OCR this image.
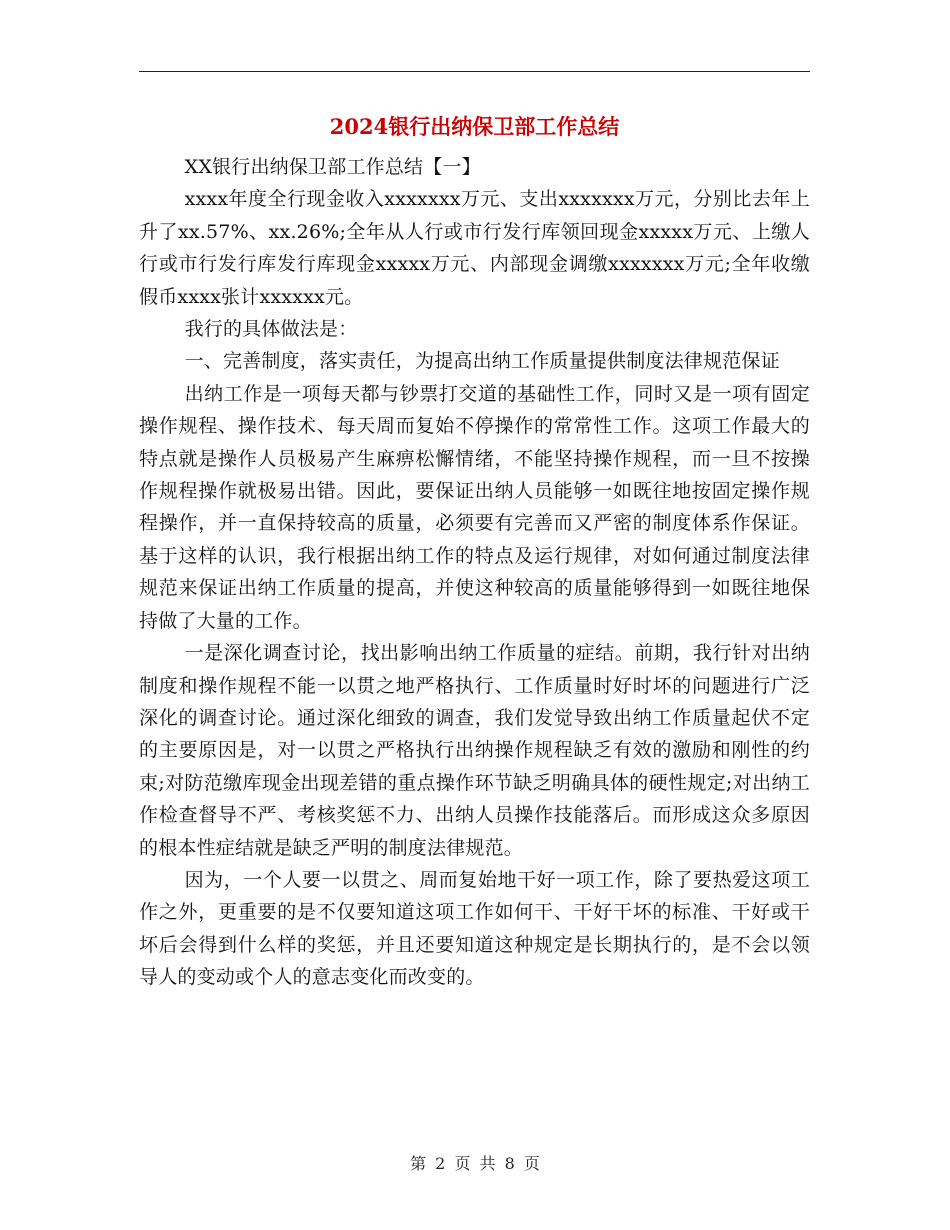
2024银行出纳保卫部工作总结

XX银行出纳保卫部工作总结【一】

xxxx年度全行现金收入xxxxxxx万元、支出xxxxxxx万元，分别比去年上升了xx.57%、xx.26%;全年从人行或市行发行库领回现金xxxxx万元、上缴人行或市行发行库发行库现金xxxxx万元、内部现金调缴xxxxxxx万元;全年收缴假币xxxx张计xxxxxx元。

我行的具体做法是：

一、完善制度，落实责任，为提高出纳工作质量提供制度法律规范保证

出纳工作是一项每天都与钞票打交道的基础性工作，同时又是一项有固定操作规程、操作技术、每天周而复始不停操作的常常性工作。这项工作最大的特点就是操作人员极易产生麻痹松懈情绪，不能坚持操作规程，而一旦不按操作规程操作就极易出错。因此，要保证出纳人员能够一如既往地按固定操作规程操作，并一直保持较高的质量，必须要有完善而又严密的制度体系作保证。基于这样的认识，我行根据出纳工作的特点及运行规律，对如何通过制度法律规范来保证出纳工作质量的提高，并使这种较高的质量能够得到一如既往地保持做了大量的工作。

一是深化调查讨论，找出影响出纳工作质量的症结。前期，我行针对出纳制度和操作规程不能一以贯之地严格执行、工作质量时好时坏的问题进行广泛深化的调查讨论。通过深化细致的调查，我们发觉导致出纳工作质量起伏不定的主要原因是，对一以贯之严格执行出纳操作规程缺乏有效的激励和刚性的约束;对防范缴库现金出现差错的重点操作环节缺乏明确具体的硬性规定;对出纳工作检查督导不严、考核奖惩不力、出纳人员操作技能落后。而形成这众多原因的根本性症结就是缺乏严明的制度法律规范。

因为，一个人要一以贯之、周而复始地干好一项工作，除了要热爱这项工作之外，更重要的是不仅要知道这项工作如何干、干好干坏的标准、干好或干坏后会得到什么样的奖惩，并且还要知道这种规定是长期执行的，是不会以领导人的变动或个人的意志变化而改变的。

第 2 页 共 8 页
